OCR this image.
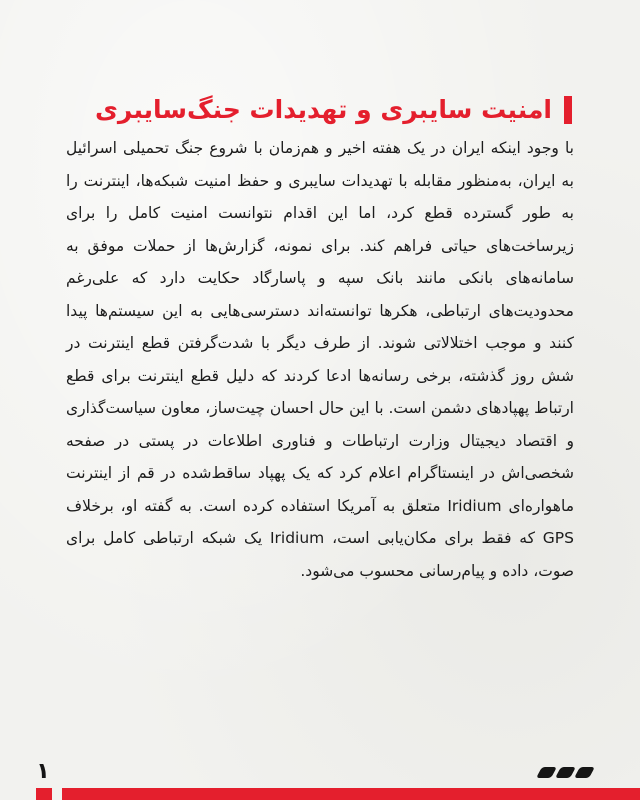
امنیت سایبری و تهدیدات جنگ‌سایبری
با وجود اینکه ایران در یک هفته اخیر و هم‌زمان با شروع جنگ تحمیلی اسرائیل به ایران، به‌منظور مقابله با تهدیدات سایبری و حفظ امنیت شبکه‌ها، اینترنت را به طور گسترده قطع کرد، اما این اقدام نتوانست امنیت کامل را برای زیرساخت‌های حیاتی فراهم کند. برای نمونه، گزارش‌ها از حملات موفق به سامانه‌های بانکی مانند بانک سپه و پاسارگاد حکایت دارد که علی‌رغم محدودیت‌های ارتباطی، هکرها توانسته‌اند دسترسی‌هایی به این سیستم‌ها پیدا کنند و موجب اختلالاتی شوند. از طرف دیگر با شدت‌گرفتن قطع اینترنت در شش روز گذشته، برخی رسانه‌ها ادعا کردند که دلیل قطع اینترنت برای قطع ارتباط پهپادهای دشمن است. با این حال احسان چیت‌ساز، معاون سیاست‌گذاری و اقتصاد دیجیتال وزارت ارتباطات و فناوری اطلاعات در پستی در صفحه شخصی‌اش در اینستاگرام اعلام کرد که یک پهپاد ساقط‌شده در قم از اینترنت ماهواره‌ای Iridium متعلق به آمریکا استفاده کرده است. به گفته او، برخلاف GPS که فقط برای مکان‌یابی است، Iridium یک شبکه ارتباطی کامل برای صوت، داده و پیام‌رسانی محسوب می‌شود.
۱
